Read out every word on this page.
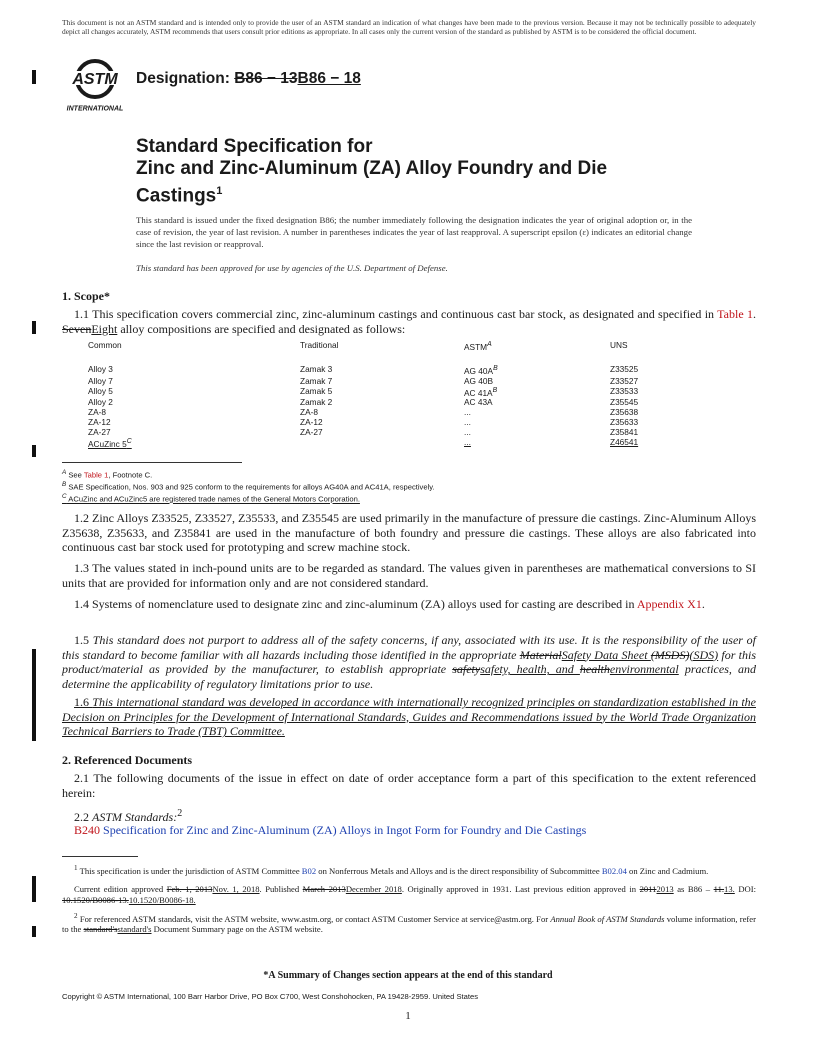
This document is not an ASTM standard and is intended only to provide the user of an ASTM standard an indication of what changes have been made to the previous version. Because it may not be technically possible to adequately depict all changes accurately, ASTM recommends that users consult prior editions as appropriate. In all cases only the current version of the standard as published by ASTM is to be considered the official document.
ASTM
INTERNATIONAL
Designation: B86 − 13B86 − 18
Standard Specification for
Zinc and Zinc-Aluminum (ZA) Alloy Foundry and Die
Castings$^1$
This standard is issued under the fixed designation B86; the number immediately following the designation indicates the year of original adoption or, in the case of revision, the year of last revision. A number in parentheses indicates the year of last reapproval. A superscript epsilon (ε) indicates an editorial change since the last revision or reapproval.
This standard has been approved for use by agencies of the U.S. Department of Defense.
1. Scope*
1.1 This specification covers commercial zinc, zinc-aluminum castings and continuous cast bar stock, as designated and specified in Table 1. SevenEight alloy compositions are specified and designated as follows:
Common	Traditional	$ASTM^A$	UNS
Alloy 3	Zamak 3	AG $40A^B$	Z33525
Alloy 7	Zamak 7	AG 40B	Z33527
Alloy 5	Zamak 5	AC $41A^B$	Z33533
Alloy 2	Zamak 2	AC 43A	Z35545
ZA-8	ZA-8	...	Z35638
ZA-12	ZA-12	...	Z35633
ZA-27	ZA-27	...	Z35841
ACuZinc $5^C$		...	Z46541
$^A$ See Table 1, Footnote C.
$^B$ SAE Specification, Nos. 903 and 925 conform to the requirements for alloys AG40A and AC41A, respectively.
$^C$ ACuZinc and ACuZinc5 are registered trade names of the General Motors Corporation.
1.2 Zinc Alloys Z33525, Z33527, Z35533, and Z35545 are used primarily in the manufacture of pressure die castings. Zinc-Aluminum Alloys Z35638, Z35633, and Z35841 are used in the manufacture of both foundry and pressure die castings. These alloys are also fabricated into continuous cast bar stock used for prototyping and screw machine stock.
1.3 The values stated in inch-pound units are to be regarded as standard. The values given in parentheses are mathematical conversions to SI units that are provided for information only and are not considered standard.
1.4 Systems of nomenclature used to designate zinc and zinc-aluminum (ZA) alloys used for casting are described in Appendix X1.
1.5 This standard does not purport to address all of the safety concerns, if any, associated with its use. It is the responsibility of the user of this standard to become familiar with all hazards including those identified in the appropriate MaterialSafety Data Sheet (MSDS)(SDS) for this product/material as provided by the manufacturer, to establish appropriate safetysafety, health, and healthenvironmental practices, and determine the applicability of regulatory limitations prior to use.
1.6 This international standard was developed in accordance with internationally recognized principles on standardization established in the Decision on Principles for the Development of International Standards, Guides and Recommendations issued by the World Trade Organization Technical Barriers to Trade (TBT) Committee.
2. Referenced Documents
2.1 The following documents of the issue in effect on date of order acceptance form a part of this specification to the extent referenced herein:
2.2 ASTM Standards:$^2$
B240 Specification for Zinc and Zinc-Aluminum (ZA) Alloys in Ingot Form for Foundry and Die Castings
$^1$ This specification is under the jurisdiction of ASTM Committee B02 on Nonferrous Metals and Alloys and is the direct responsibility of Subcommittee B02.04 on Zinc and Cadmium.
Current edition approved Feb. 1, 2013Nov. 1, 2018. Published March 2013December 2018. Originally approved in 1931. Last previous edition approved in 20112013 as B86 – 11.13. DOI: 10.1520/B0086-13.10.1520/B0086-18.
$^2$ For referenced ASTM standards, visit the ASTM website, www.astm.org, or contact ASTM Customer Service at service@astm.org. For Annual Book of ASTM Standards volume information, refer to the standard'sstandard's Document Summary page on the ASTM website.
*A Summary of Changes section appears at the end of this standard
Copyright © ASTM International, 100 Barr Harbor Drive, PO Box C700, West Conshohocken, PA 19428-2959. United States
1
